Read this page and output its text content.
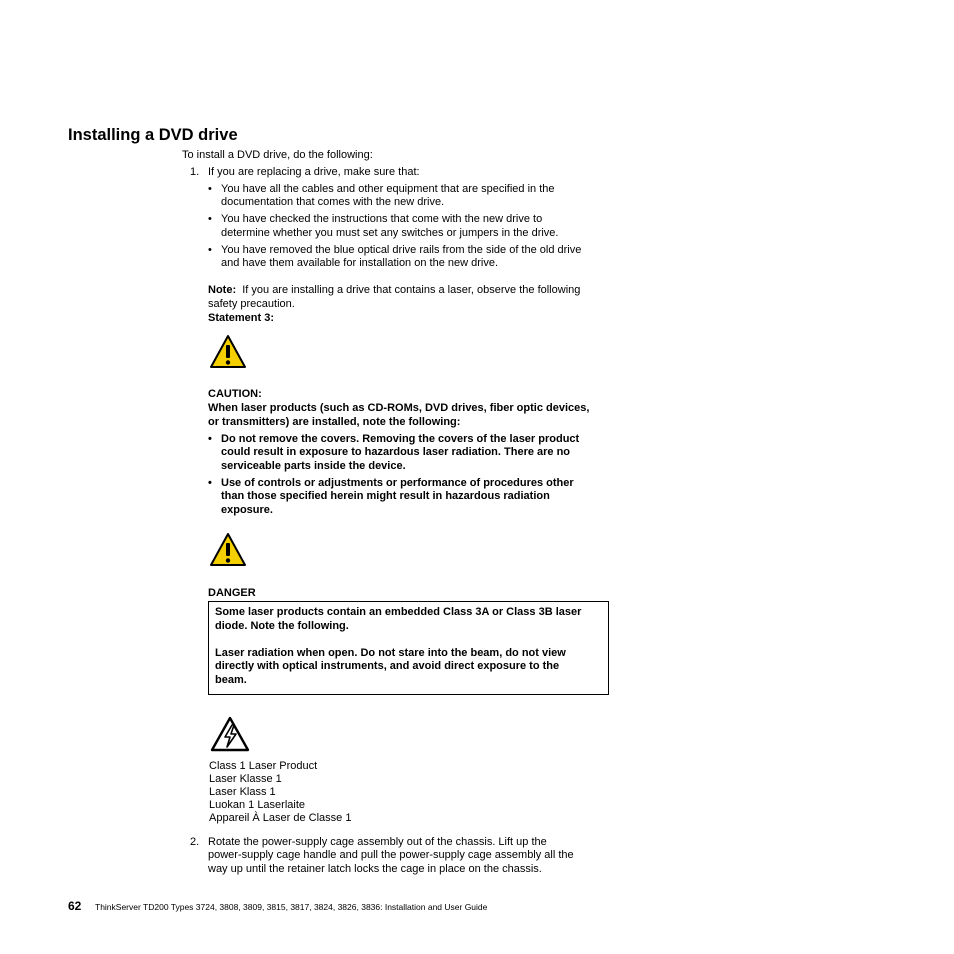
Installing a DVD drive
To install a DVD drive, do the following:
1. If you are replacing a drive, make sure that:
• You have all the cables and other equipment that are specified in the
documentation that comes with the new drive.
• You have checked the instructions that come with the new drive to
determine whether you must set any switches or jumpers in the drive.
• You have removed the blue optical drive rails from the side of the old drive
and have them available for installation on the new drive.
Note: If you are installing a drive that contains a laser, observe the following
safety precaution.
Statement 3:
CAUTION:
When laser products (such as CD-ROMs, DVD drives, fiber optic devices,
or transmitters) are installed, note the following:
• Do not remove the covers. Removing the covers of the laser product
could result in exposure to hazardous laser radiation. There are no
serviceable parts inside the device.
• Use of controls or adjustments or performance of procedures other
than those specified herein might result in hazardous radiation
exposure.
DANGER
Some laser products contain an embedded Class 3A or Class 3B laser
diode. Note the following.
Laser radiation when open. Do not stare into the beam, do not view
directly with optical instruments, and avoid direct exposure to the
beam.
Class 1 Laser Product
Laser Klasse 1
Laser Klass 1
Luokan 1 Laserlaite
Appareil À Laser de Classe 1
2. Rotate the power-supply cage assembly out of the chassis. Lift up the
power-supply cage handle and pull the power-supply cage assembly all the
way up until the retainer latch locks the cage in place on the chassis.
62 ThinkServer TD200 Types 3724, 3808, 3809, 3815, 3817, 3824, 3826, 3836: Installation and User Guide
